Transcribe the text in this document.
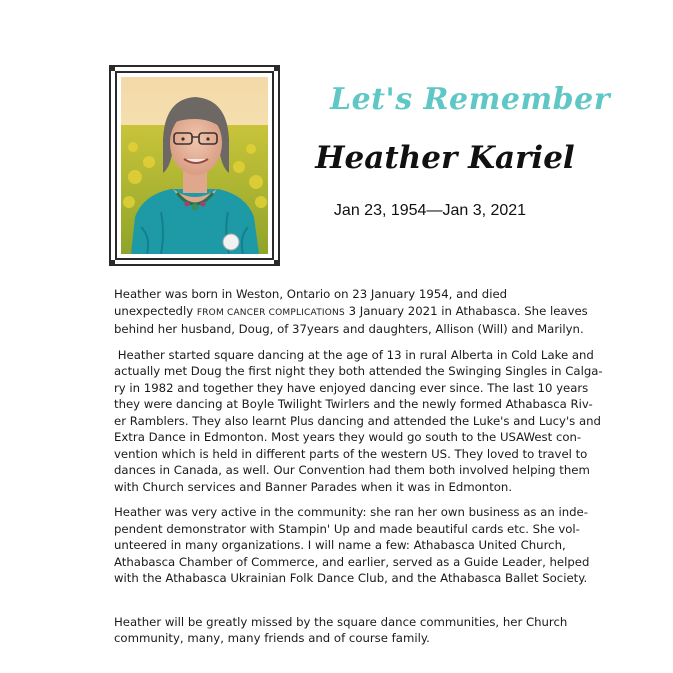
Let's Remember
Heather Kariel
Jan 23, 1954—Jan 3, 2021

Heather was born in Weston, Ontario on 23 January 1954, and died
unexpectedly FROM CANCER COMPLICATIONS 3 January 2021 in Athabasca. She leaves
behind her husband, Doug, of 37years and daughters, Allison (Will) and Marilyn.

Heather started square dancing at the age of 13 in rural Alberta in Cold Lake and
actually met Doug the first night they both attended the Swinging Singles in Calga-
ry in 1982 and together they have enjoyed dancing ever since. The last 10 years
they were dancing at Boyle Twilight Twirlers and the newly formed Athabasca Riv-
er Ramblers. They also learnt Plus dancing and attended the Luke's and Lucy's and
Extra Dance in Edmonton. Most years they would go south to the USAWest con-
vention which is held in different parts of the western US. They loved to travel to
dances in Canada, as well. Our Convention had them both involved helping them
with Church services and Banner Parades when it was in Edmonton.

Heather was very active in the community: she ran her own business as an inde-
pendent demonstrator with Stampin' Up and made beautiful cards etc. She vol-
unteered in many organizations. I will name a few: Athabasca United Church,
Athabasca Chamber of Commerce, and earlier, served as a Guide Leader, helped
with the Athabasca Ukrainian Folk Dance Club, and the Athabasca Ballet Society.

Heather will be greatly missed by the square dance communities, her Church
community, many, many friends and of course family.
